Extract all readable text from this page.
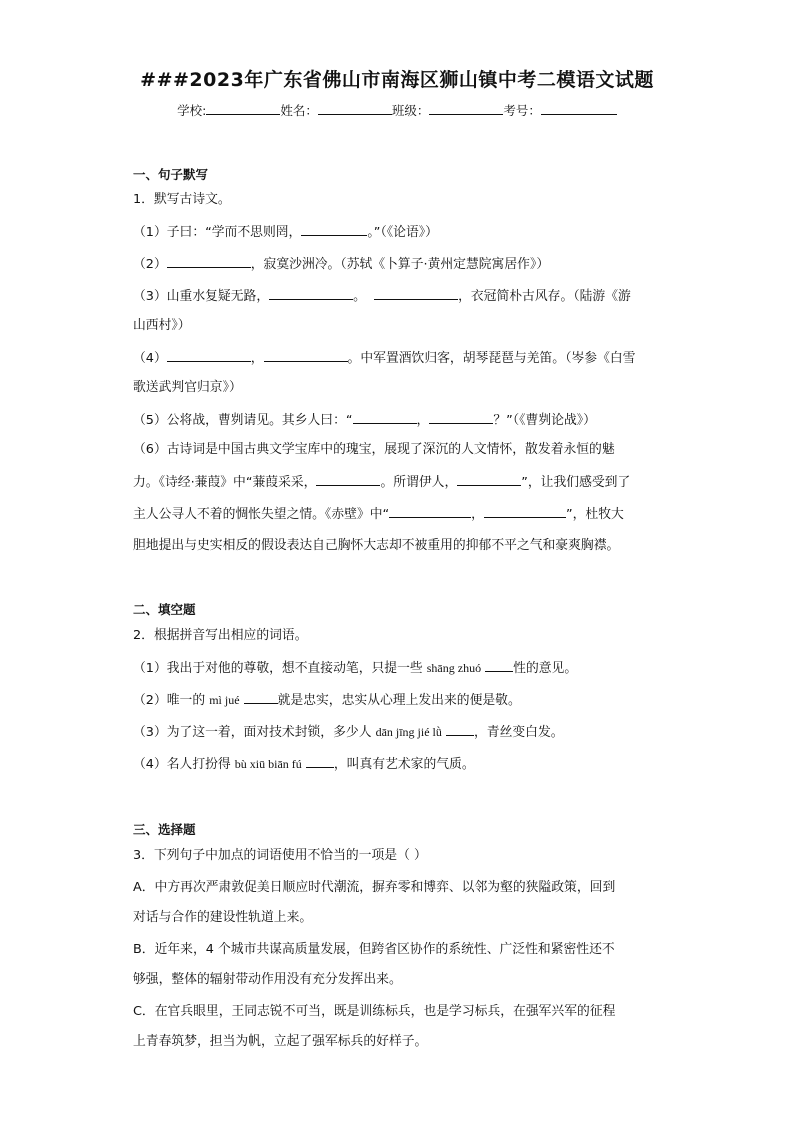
###2023年广东省佛山市南海区狮山镇中考二模语文试题
学校:	姓名：	班级：	考号：
一、句子默写
1．默写古诗文。
（1）子曰：“学而不思则罔，	。”（《论语》）
（2）	，寂寞沙洲冷。（苏轼《卜算子·黄州定慧院寓居作》）
（3）山重水复疑无路，	。	，衣冠简朴古风存。（陆游《游
山西村》）
（4）	，	。中军置酒饮归客，胡琴琵琶与羌笛。（岑参《白雪
歌送武判官归京》）
（5）公将战，曹刿请见。其乡人曰：“	，	？”（《曹刿论战》）
（6）古诗词是中国古典文学宝库中的瑰宝，展现了深沉的人文情怀，散发着永恒的魅
力。《诗经·蒹葭》中“蒹葭采采，	。所谓伊人，	”，让我们感受到了
主人公寻人不着的惆怅失望之情。《赤壁》中“	，	”，杜牧大
胆地提出与史实相反的假设表达自己胸怀大志却不被重用的抑郁不平之气和豪爽胸襟。
二、填空题
2．根据拼音写出相应的词语。
（1）我出于对他的尊敬，想不直接动笔，只提一些 shāng zhuó	性的意见。
（2）唯一的 mì jué	就是忠实，忠实从心理上发出来的便是敬。
（3）为了这一着，面对技术封锁，多少人 dān jīng jié lǜ	，青丝变白发。
（4）名人打扮得 bù xiū biān fú	，叫真有艺术家的气质。
三、选择题
3．下列句子中加点的词语使用不恰当的一项是（ ）
A．中方再次严肃敦促美日顺应时代潮流，摒弃零和博弈、以邻为壑的狭隘政策，回到
对话与合作的建设性轨道上来。
B．近年来，4 个城市共谋高质量发展，但跨省区协作的系统性、广泛性和紧密性还不
够强，整体的辐射带动作用没有充分发挥出来。
C．在官兵眼里，王同志锐不可当，既是训练标兵，也是学习标兵，在强军兴军的征程
上青春筑梦，担当为帆，立起了强军标兵的好样子。
